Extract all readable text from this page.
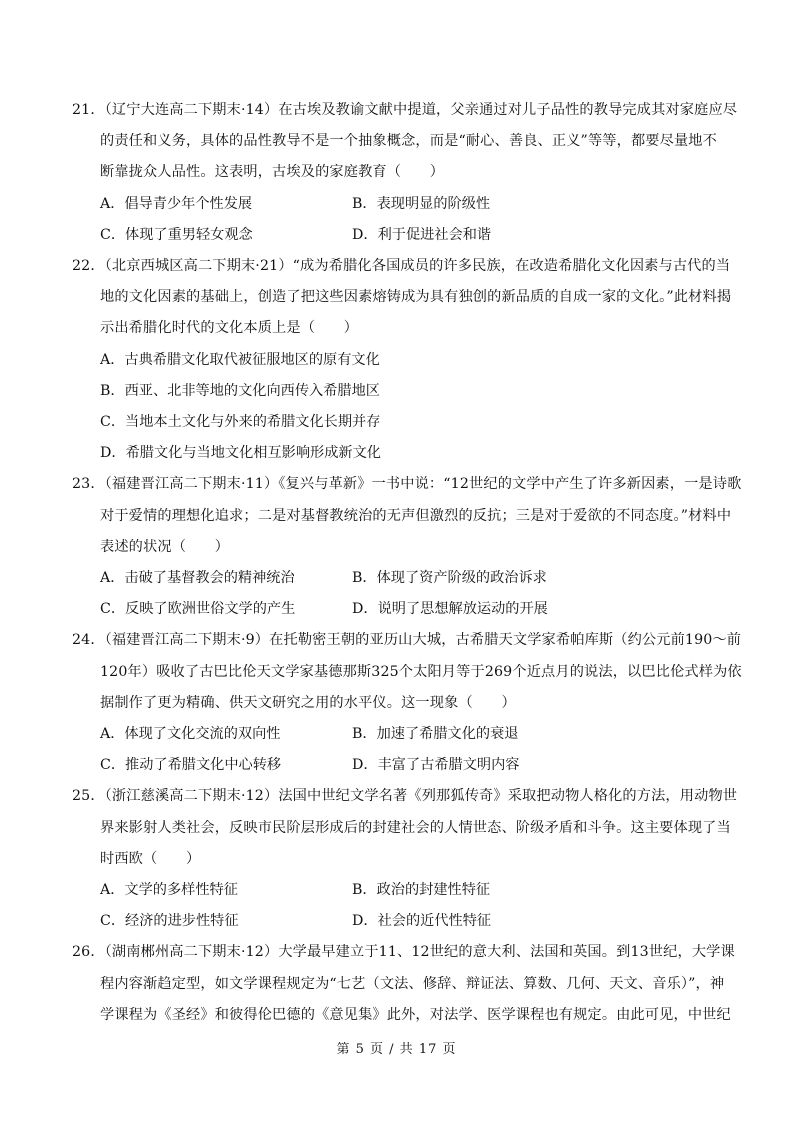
21．（辽宁大连高二下期末·14）在古埃及教谕文献中提道，父亲通过对儿子品性的教导完成其对家庭应尽
的责任和义务，具体的品性教导不是一个抽象概念，而是“耐心、善良、正义”等等，都要尽量地不
断靠拢众人品性。这表明，古埃及的家庭教育（　　）
A．倡导青少年个性发展	B．表现明显的阶级性
C．体现了重男轻女观念	D．利于促进社会和谐
22．（北京西城区高二下期末·21）“成为希腊化各国成员的许多民族，在改造希腊化文化因素与古代的当
地的文化因素的基础上，创造了把这些因素熔铸成为具有独创的新品质的自成一家的文化。”此材料揭
示出希腊化时代的文化本质上是（　　）
A．古典希腊文化取代被征服地区的原有文化
B．西亚、北非等地的文化向西传入希腊地区
C．当地本土文化与外来的希腊文化长期并存
D．希腊文化与当地文化相互影响形成新文化
23．（福建晋江高二下期末·11）《复兴与革新》一书中说：“12世纪的文学中产生了许多新因素，一是诗歌
对于爱情的理想化追求；二是对基督教统治的无声但激烈的反抗；三是对于爱欲的不同态度。”材料中
表述的状况（　　）
A．击破了基督教会的精神统治	B．体现了资产阶级的政治诉求
C．反映了欧洲世俗文学的产生	D．说明了思想解放运动的开展
24．（福建晋江高二下期末·9）在托勒密王朝的亚历山大城，古希腊天文学家希帕库斯（约公元前190～前
120年）吸收了古巴比伦天文学家基德那斯325个太阳月等于269个近点月的说法，以巴比伦式样为依
据制作了更为精确、供天文研究之用的水平仪。这一现象（　　）
A．体现了文化交流的双向性	B．加速了希腊文化的衰退
C．推动了希腊文化中心转移	D．丰富了古希腊文明内容
25．（浙江慈溪高二下期末·12）法国中世纪文学名著《列那狐传奇》采取把动物人格化的方法，用动物世
界来影射人类社会，反映市民阶层形成后的封建社会的人情世态、阶级矛盾和斗争。这主要体现了当
时西欧（　　）
A．文学的多样性特征	B．政治的封建性特征
C．经济的进步性特征	D．社会的近代性特征
26．（湖南郴州高二下期末·12）大学最早建立于11、12世纪的意大利、法国和英国。到13世纪，大学课
程内容渐趋定型，如文学课程规定为“七艺（文法、修辞、辩证法、算数、几何、天文、音乐）”，神
学课程为《圣经》和彼得伦巴德的《意见集》此外，对法学、医学课程也有规定。由此可见，中世纪
第 5 页 / 共 17 页
